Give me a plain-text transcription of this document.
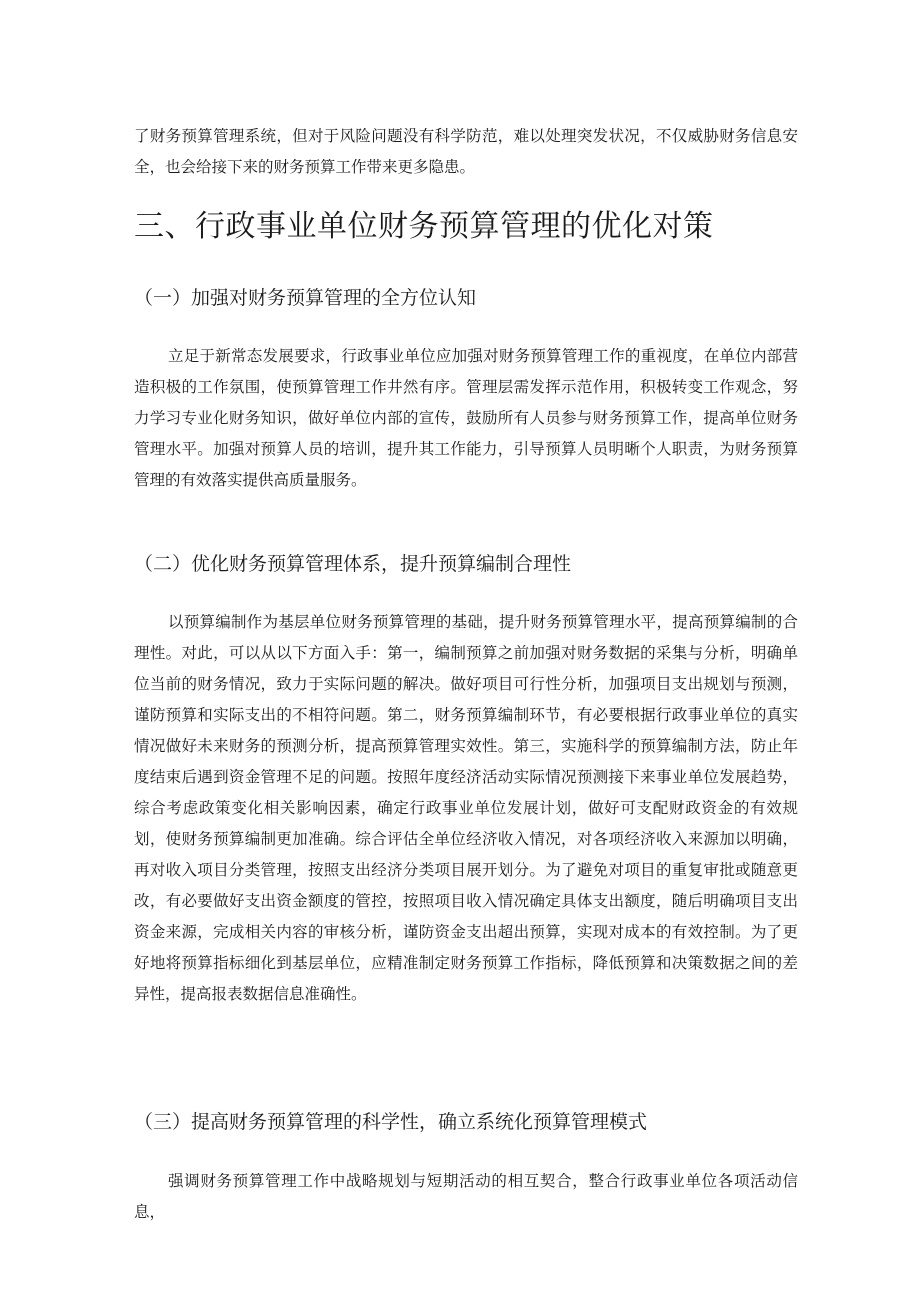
了财务预算管理系统，但对于风险问题没有科学防范，难以处理突发状况，不仅威胁财务信息安全，也会给接下来的财务预算工作带来更多隐患。

三、行政事业单位财务预算管理的优化对策
（一）加强对财务预算管理的全方位认知

立足于新常态发展要求，行政事业单位应加强对财务预算管理工作的重视度，在单位内部营造积极的工作氛围，使预算管理工作井然有序。管理层需发挥示范作用，积极转变工作观念，努力学习专业化财务知识，做好单位内部的宣传，鼓励所有人员参与财务预算工作，提高单位财务管理水平。加强对预算人员的培训，提升其工作能力，引导预算人员明晰个人职责，为财务预算管理的有效落实提供高质量服务。

（二）优化财务预算管理体系，提升预算编制合理性

以预算编制作为基层单位财务预算管理的基础，提升财务预算管理水平，提高预算编制的合理性。对此，可以从以下方面入手：第一，编制预算之前加强对财务数据的采集与分析，明确单位当前的财务情况，致力于实际问题的解决。做好项目可行性分析，加强项目支出规划与预测，谨防预算和实际支出的不相符问题。第二，财务预算编制环节，有必要根据行政事业单位的真实情况做好未来财务的预测分析，提高预算管理实效性。第三，实施科学的预算编制方法，防止年度结束后遇到资金管理不足的问题。按照年度经济活动实际情况预测接下来事业单位发展趋势，综合考虑政策变化相关影响因素，确定行政事业单位发展计划，做好可支配财政资金的有效规划，使财务预算编制更加准确。综合评估全单位经济收入情况，对各项经济收入来源加以明确，再对收入项目分类管理，按照支出经济分类项目展开划分。为了避免对项目的重复审批或随意更改，有必要做好支出资金额度的管控，按照项目收入情况确定具体支出额度，随后明确项目支出资金来源，完成相关内容的审核分析，谨防资金支出超出预算，实现对成本的有效控制。为了更好地将预算指标细化到基层单位，应精准制定财务预算工作指标，降低预算和决策数据之间的差异性，提高报表数据信息准确性。

（三）提高财务预算管理的科学性，确立系统化预算管理模式

强调财务预算管理工作中战略规划与短期活动的相互契合，整合行政事业单位各项活动信息，
